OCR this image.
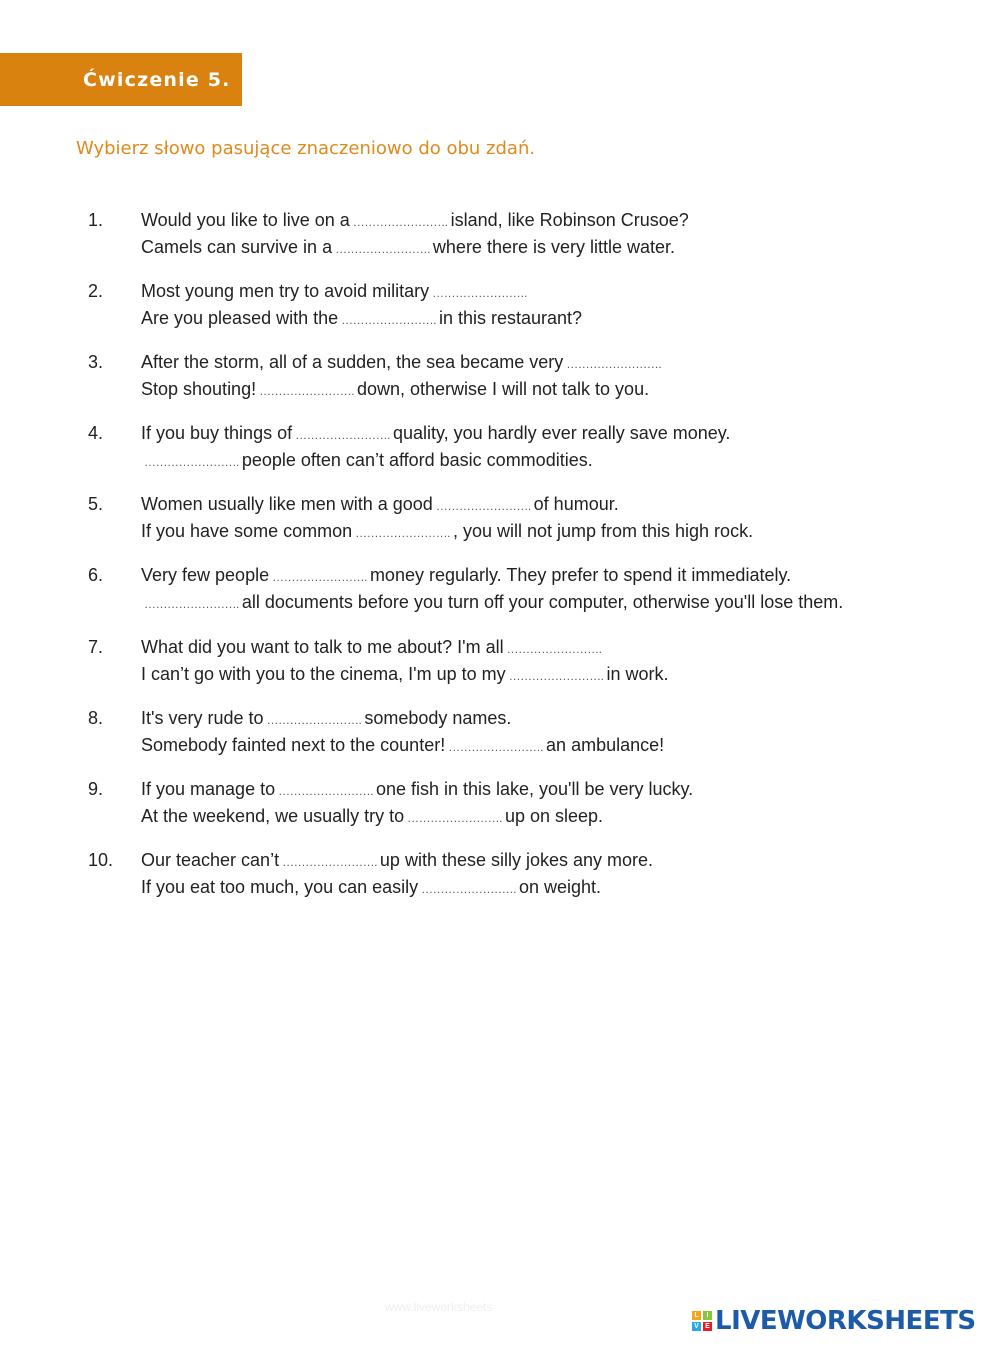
Ćwiczenie 5.
Wybierz słowo pasujące znaczeniowo do obu zdań.
1. Would you like to live on a ……………………. island, like Robinson Crusoe?
Camels can survive in a ……………………. where there is very little water.
2. Most young men try to avoid military …………………….
Are you pleased with the ……………………. in this restaurant?
3. After the storm, all of a sudden, the sea became very …………………….
Stop shouting! ……………………. down, otherwise I will not talk to you.
4. If you buy things of ……………………. quality, you hardly ever really save money.
……………………. people often can’t afford basic commodities.
5. Women usually like men with a good ……………………. of humour.
If you have some common ……………………. , you will not jump from this high rock.
6. Very few people ……………………. money regularly. They prefer to spend it immediately.
……………………. all documents before you turn off your computer, otherwise you'll lose them.
7. What did you want to talk to me about? I'm all …………………….
I can’t go with you to the cinema, I'm up to my ……………………. in work.
8. It's very rude to ……………………. somebody names.
Somebody fainted next to the counter! ……………………. an ambulance!
9. If you manage to ……………………. one fish in this lake, you'll be very lucky.
At the weekend, we usually try to ……………………. up on sleep.
10. Our teacher can’t ……………………. up with these silly jokes any more.
If you eat too much, you can easily ……………………. on weight.
www.liveworksheets
L	I
V E LIVEWORKSHEETS
